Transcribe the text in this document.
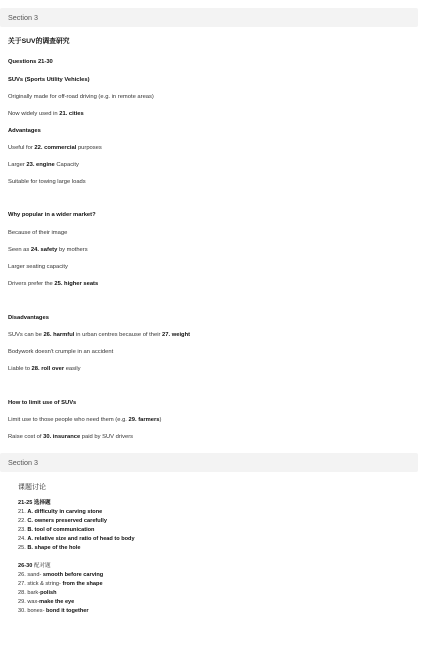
Section 3
关于SUV的调查研究
Questions 21-30
SUVs (Sports Utility Vehicles)
Originally made for off-road driving (e.g. in remote areas)
Now widely used in 21. cities
Advantages
Useful for 22. commercial purposes
Larger 23. engine Capacity
Suitable for towing large loads
Why popular in a wider market?
Because of their image
Seen as 24. safety by mothers
Larger seating capacity
Drivers prefer the 25. higher seats
Disadvantages
SUVs can be 26. harmful in urban centres because of their 27. weight
Bodywork doesn't crumple in an accident
Liable to 28. roll over easily
How to limit use of SUVs
Limit use to those people who need them (e.g. 29. farmers)
Raise cost of 30. insurance paid by SUV drivers
Section 3
课题讨论
21-25 选择题
21. A. difficulty in carving stone
22. C. owners preserved carefully
23. B. tool of communication
24. A. relative size and ratio of head to body
25. B. shape of the hole
26-30 配对题
26. sand- smooth before carving
27. stick & string- from the shape
28. bark-polish
29. wax-make the eye
30. bones- bond it together
